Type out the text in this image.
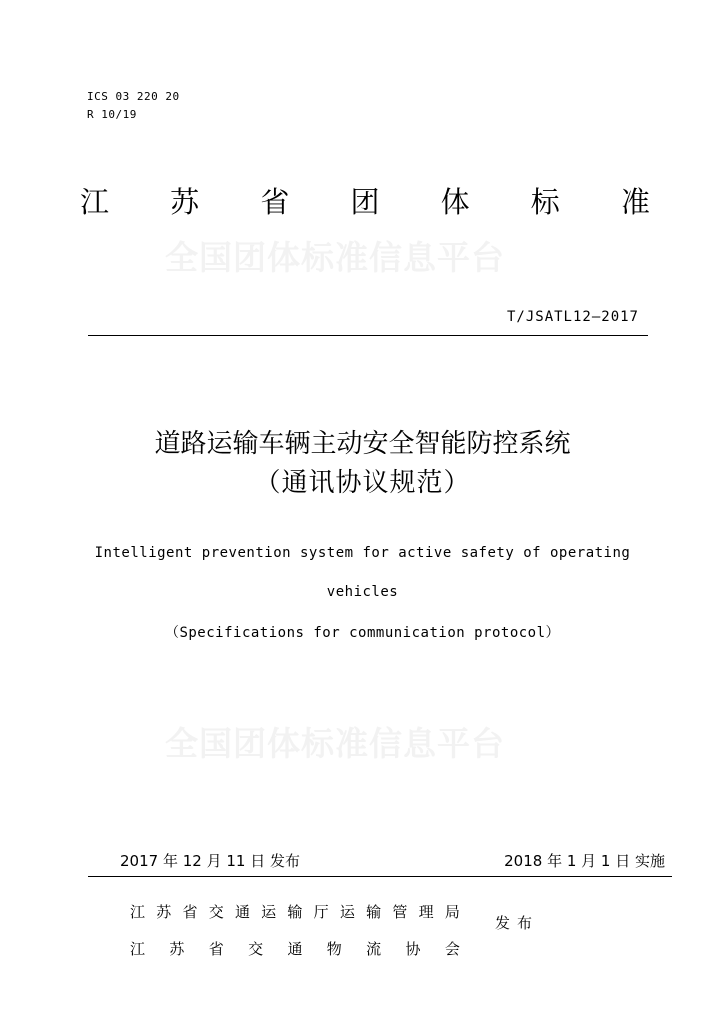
ICS 03 220 20
R 10/19
江 苏 省 团 体 标 准
全国团体标准信息平台
T/JSATL12—2017
道路运输车辆主动安全智能防控系统
（通讯协议规范）
Intelligent prevention system for active safety of operating
vehicles
（Specifications for communication protocol）
全国团体标准信息平台
2017 年 12 月 11 日 发布	2018 年 1 月 1 日 实施
江 苏 省 交 通 运 输 厅 运 输 管 理 局
江 苏 省 交 通 物 流 协 会
发布
